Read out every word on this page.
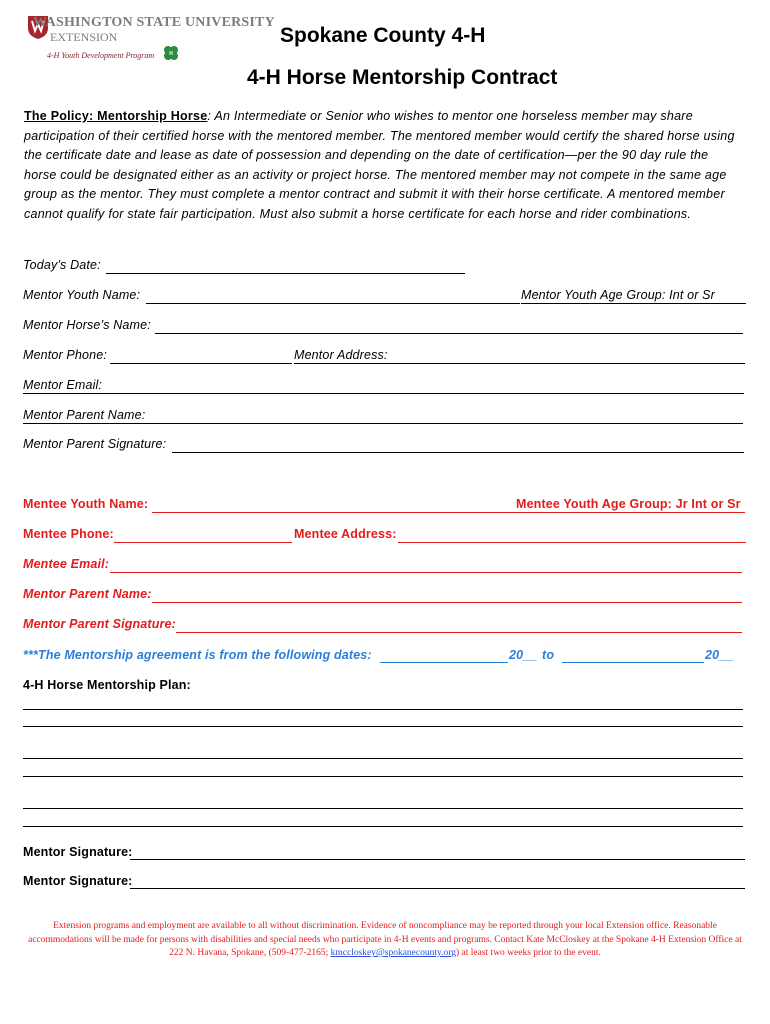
WASHINGTON STATE UNIVERSITY
EXTENSION
4-H Youth Development Program	H
Spokane County 4-H
4-H Horse Mentorship Contract
The Policy: Mentorship Horse: An Intermediate or Senior who wishes to mentor one horseless member may share participation of their certified horse with the mentored member. The mentored member would certify the shared horse using the certificate date and lease as date of possession and depending on the date of certification—per the 90 day rule the horse could be designated either as an activity or project horse. The mentored member may not compete in the same age group as the mentor. They must complete a mentor contract and submit it with their horse certificate. A mentored member cannot qualify for state fair participation. Must also submit a horse certificate for each horse and rider combinations.
Today’s Date:
Mentor Youth Name:	Mentor Youth Age Group: Int or Sr
Mentor Horse’s Name:
Mentor Phone:	Mentor Address:
Mentor Email:
Mentor Parent Name:
Mentor Parent Signature:
Mentee Youth Name:	Mentee Youth Age Group: Jr Int or Sr
Mentee Phone:	Mentee Address:
Mentee Email:
Mentor Parent Name:
Mentor Parent Signature:
***The Mentorship agreement is from the following dates:	20__ to	20__
4-H Horse Mentorship Plan:
Mentor Signature:
Mentor Signature:
Extension programs and employment are available to all without discrimination. Evidence of noncompliance may be reported through your local Extension office. Reasonable accommodations will be made for persons with disabilities and special needs who participate in 4-H events and programs. Contact Kate McCloskey at the Spokane 4-H Extension Office at 222 N. Havana, Spokane, (509-477-2165; kmccloskey@spokanecounty.org) at least two weeks prior to the event.
